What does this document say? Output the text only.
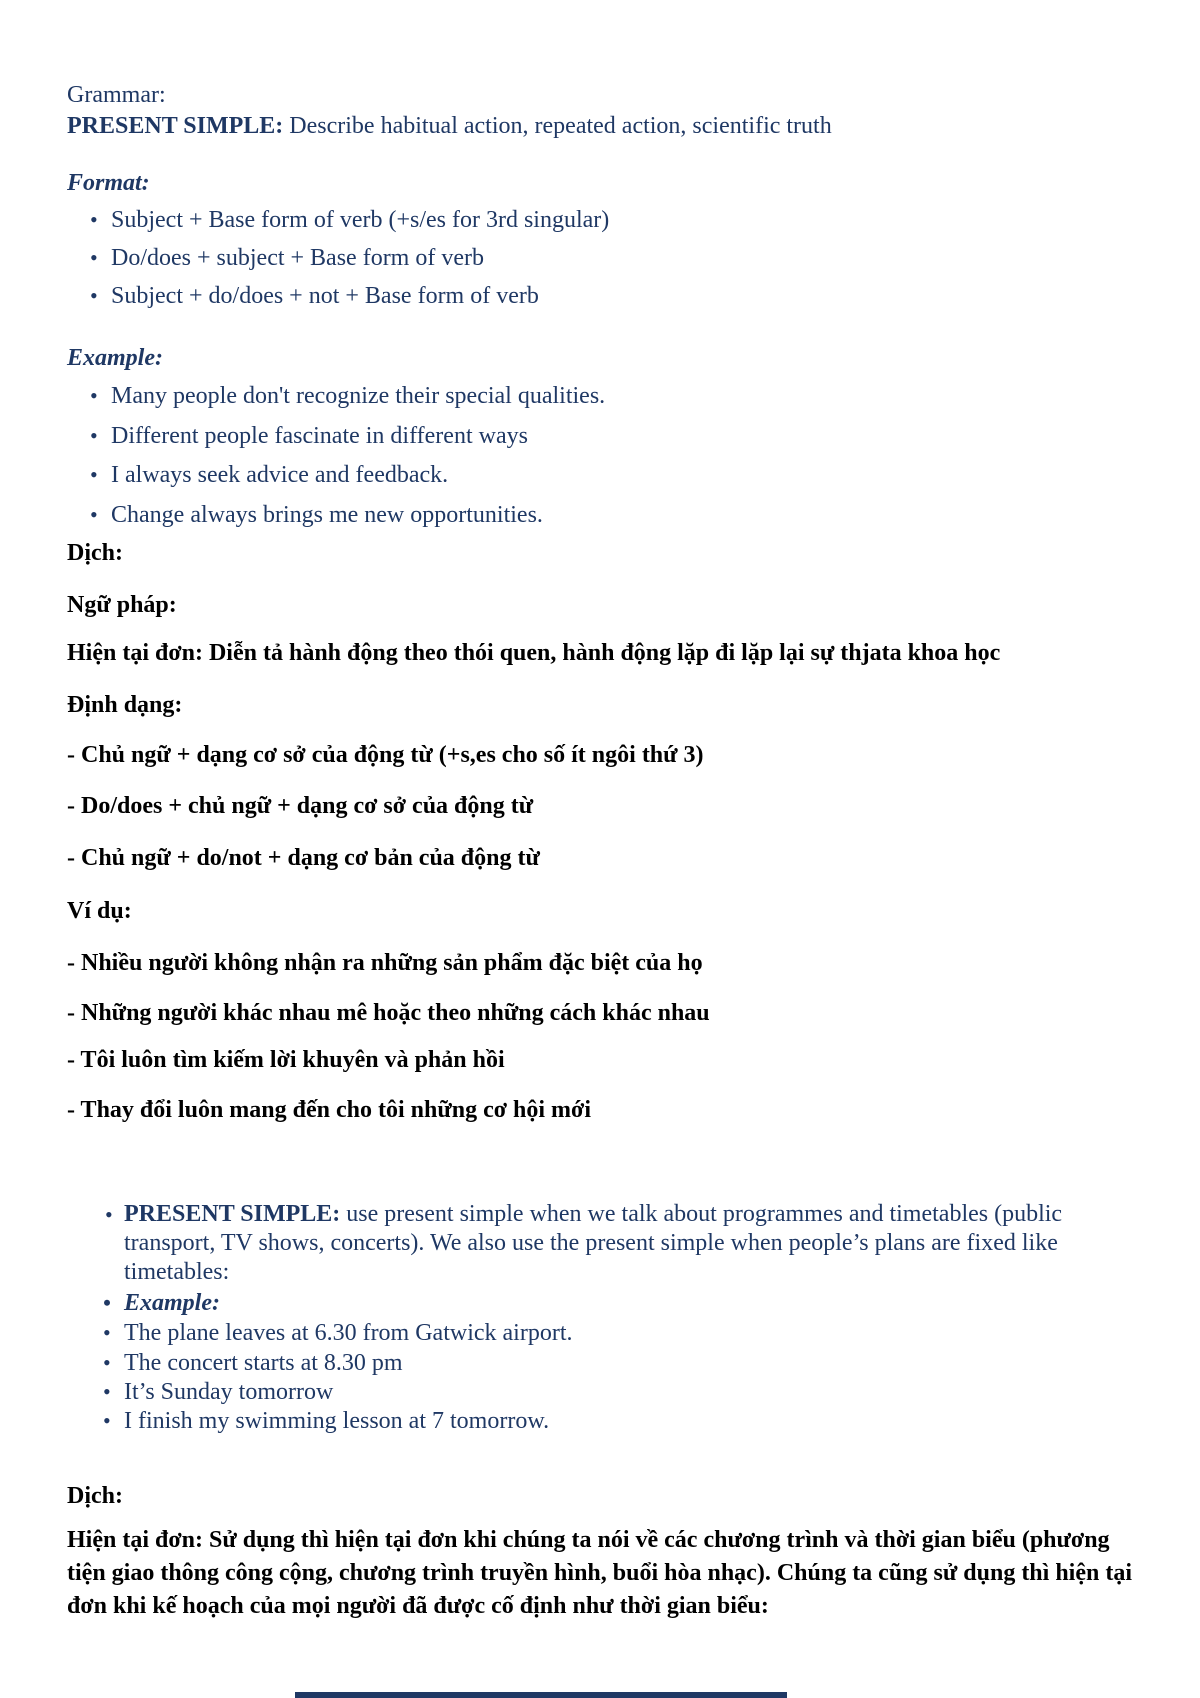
Grammar:
PRESENT SIMPLE: Describe habitual action, repeated action, scientific truth
Format:
• Subject + Base form of verb (+s/es for 3rd singular)
• Do/does + subject + Base form of verb
• Subject + do/does + not + Base form of verb
Example:
• Many people don't recognize their special qualities.
• Different people fascinate in different ways
• I always seek advice and feedback.
• Change always brings me new opportunities.
Dịch:
Ngữ pháp:
Hiện tại đơn: Diễn tả hành động theo thói quen, hành động lặp đi lặp lại sự thjata khoa học
Định dạng:
- Chủ ngữ + dạng cơ sở của động từ (+s,es cho số ít ngôi thứ 3)
- Do/does + chủ ngữ + dạng cơ sở của động từ
- Chủ ngữ + do/not + dạng cơ bản của động từ
Ví dụ:
- Nhiều người không nhận ra những sản phẩm đặc biệt của họ
- Những người khác nhau mê hoặc theo những cách khác nhau
- Tôi luôn tìm kiếm lời khuyên và phản hồi
- Thay đổi luôn mang đến cho tôi những cơ hội mới
• PRESENT SIMPLE: use present simple when we talk about programmes and timetables (public transport, TV shows, concerts). We also use the present simple when people’s plans are fixed like timetables:
• Example:
• The plane leaves at 6.30 from Gatwick airport.
• The concert starts at 8.30 pm
• It’s Sunday tomorrow
• I finish my swimming lesson at 7 tomorrow.
Dịch:
Hiện tại đơn: Sử dụng thì hiện tại đơn khi chúng ta nói về các chương trình và thời gian biểu (phương tiện giao thông công cộng, chương trình truyền hình, buổi hòa nhạc). Chúng ta cũng sử dụng thì hiện tại đơn khi kế hoạch của mọi người đã được cố định như thời gian biểu:
